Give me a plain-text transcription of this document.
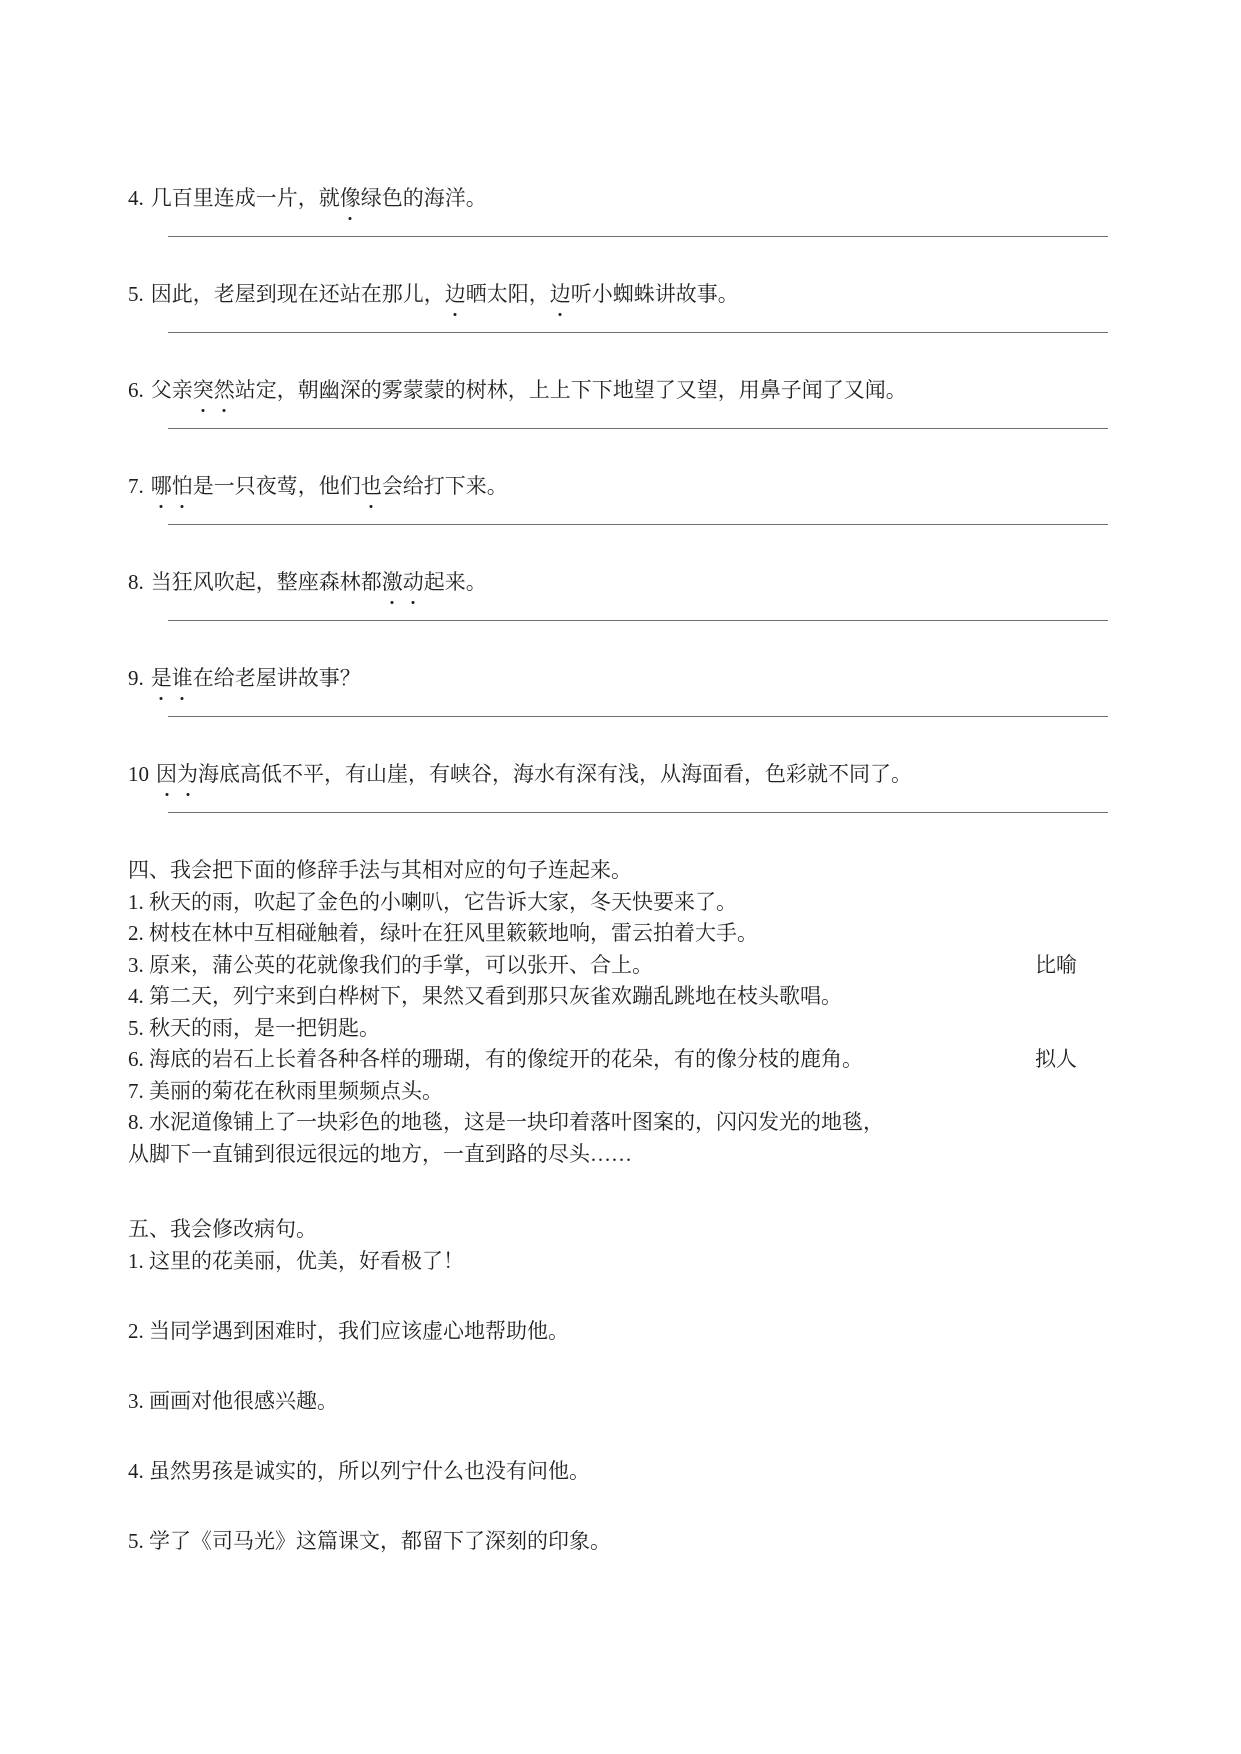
4. 几百里连成一片，就像绿色的海洋。
5. 因此，老屋到现在还站在那儿，边晒太阳，边听小蜘蛛讲故事。
6. 父亲突然站定，朝幽深的雾蒙蒙的树林，上上下下地望了又望，用鼻子闻了又闻。
7. 哪怕是一只夜莺，他们也会给打下来。
8. 当狂风吹起，整座森林都激动起来。
9. 是谁在给老屋讲故事？
10 因为海底高低不平，有山崖，有峡谷，海水有深有浅，从海面看，色彩就不同了。
四、我会把下面的修辞手法与其相对应的句子连起来。
1. 秋天的雨，吹起了金色的小喇叭，它告诉大家，冬天快要来了。
2. 树枝在林中互相碰触着，绿叶在狂风里簌簌地响，雷云拍着大手。
3. 原来，蒲公英的花就像我们的手掌，可以张开、合上。	比喻
4. 第二天，列宁来到白桦树下，果然又看到那只灰雀欢蹦乱跳地在枝头歌唱。
5. 秋天的雨，是一把钥匙。
6. 海底的岩石上长着各种各样的珊瑚，有的像绽开的花朵，有的像分枝的鹿角。	拟人
7. 美丽的菊花在秋雨里频频点头。
8. 水泥道像铺上了一块彩色的地毯，这是一块印着落叶图案的，闪闪发光的地毯，
从脚下一直铺到很远很远的地方，一直到路的尽头……
五、我会修改病句。
1. 这里的花美丽，优美，好看极了！
2. 当同学遇到困难时，我们应该虚心地帮助他。
3. 画画对他很感兴趣。
4. 虽然男孩是诚实的，所以列宁什么也没有问他。
5. 学了《司马光》这篇课文，都留下了深刻的印象。
